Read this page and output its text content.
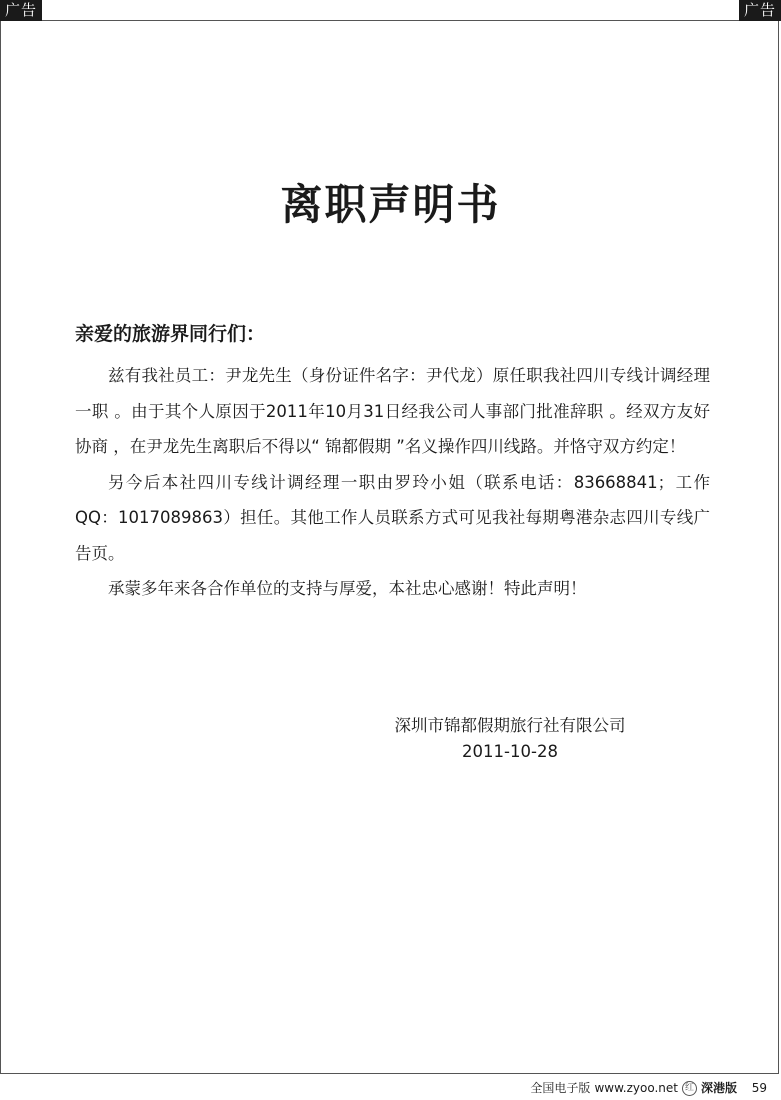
广告	广告
离职声明书
亲爱的旅游界同行们：

兹有我社员工：尹龙先生（身份证件名字：尹代龙）原任职我社四川专线计调经理一职 。由于其个人原因于2011年10月31日经我公司人事部门批准辞职 。经双方友好协商 ，在尹龙先生离职后不得以“ 锦都假期 ”名义操作四川线路。并恪守双方约定！

另今后本社四川专线计调经理一职由罗玲小姐（联系电话：83668841；工作QQ：1017089863）担任。其他工作人员联系方式可见我社每期粤港杂志四川专线广告页。

承蒙多年来各合作单位的支持与厚爱，本社忠心感谢！特此声明！

深圳市锦都假期旅行社有限公司
2011-10-28
全国电子版 www.zyoo.net 红 深港版 59
